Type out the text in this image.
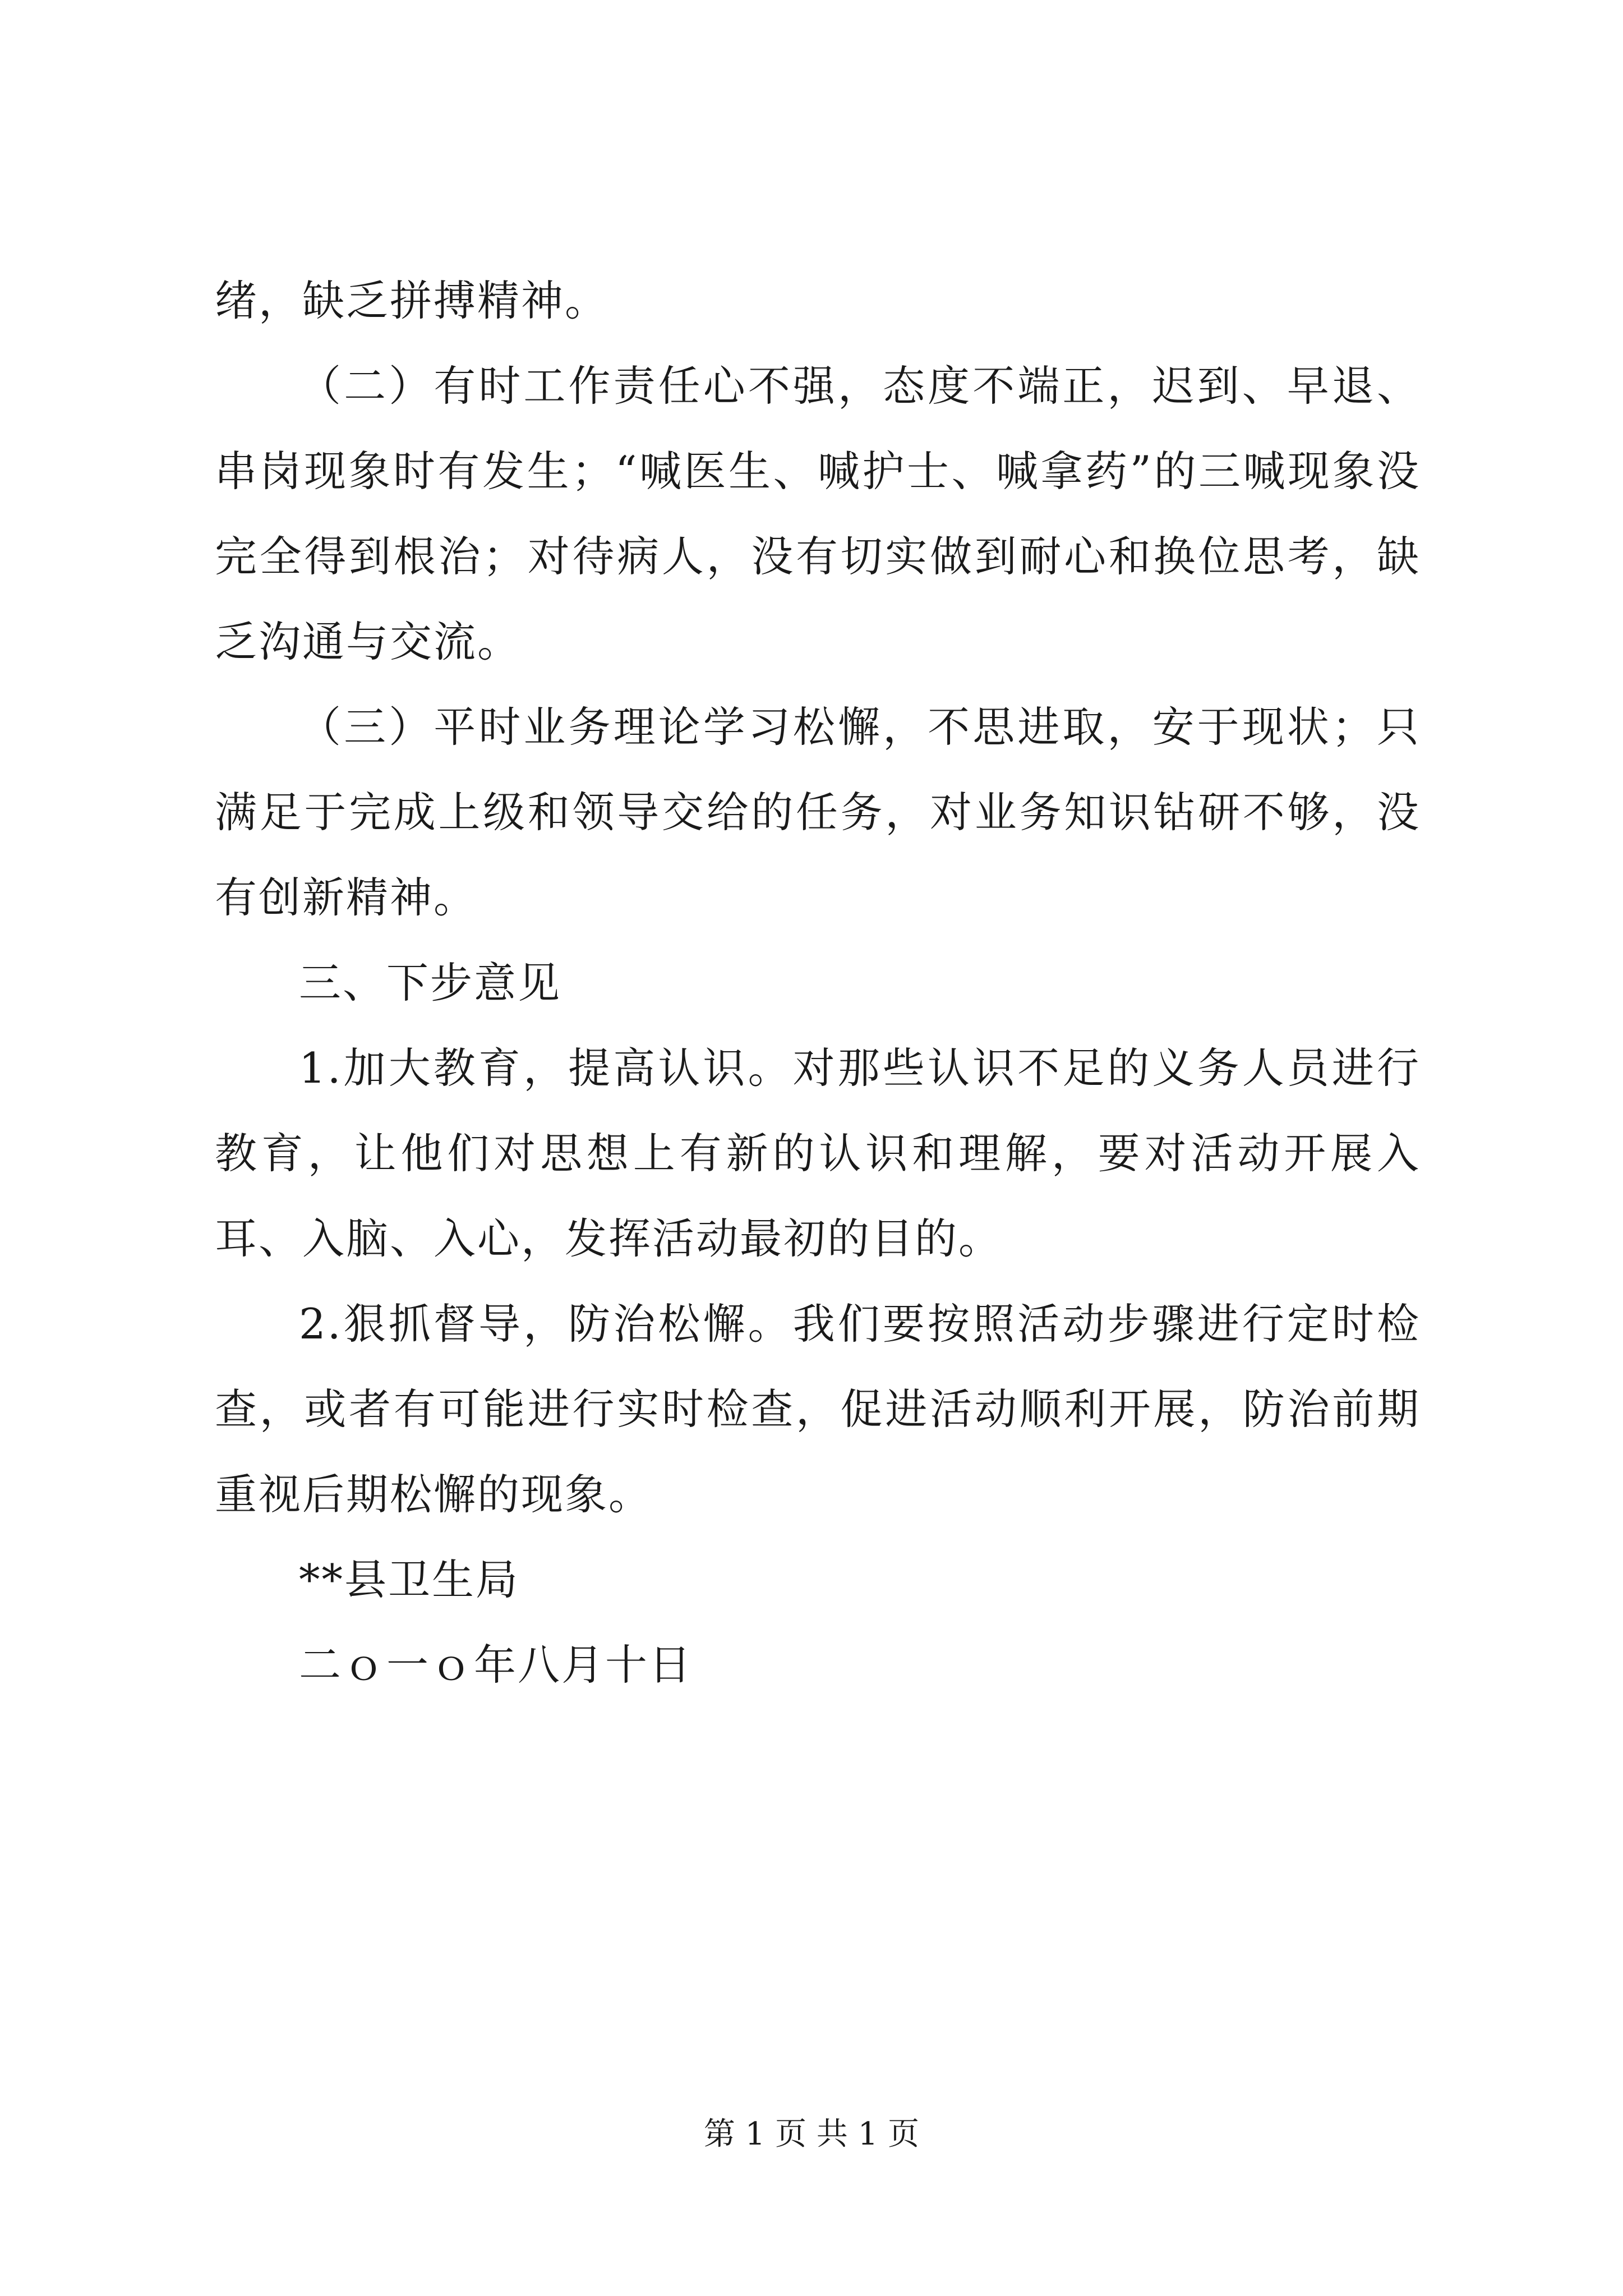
绪，缺乏拼搏精神。

（二）有时工作责任心不强，态度不端正，迟到、早退、串岗现象时有发生；“喊医生、喊护士、喊拿药”的三喊现象没完全得到根治；对待病人，没有切实做到耐心和换位思考，缺乏沟通与交流。

（三）平时业务理论学习松懈，不思进取，安于现状；只满足于完成上级和领导交给的任务，对业务知识钻研不够，没有创新精神。

三、下步意见

1.加大教育，提高认识。对那些认识不足的义务人员进行教育，让他们对思想上有新的认识和理解，要对活动开展入耳、入脑、入心，发挥活动最初的目的。

2.狠抓督导，防治松懈。我们要按照活动步骤进行定时检查，或者有可能进行实时检查，促进活动顺利开展，防治前期重视后期松懈的现象。

**县卫生局

二ｏ一ｏ年八月十日

第 1 页 共 1 页
